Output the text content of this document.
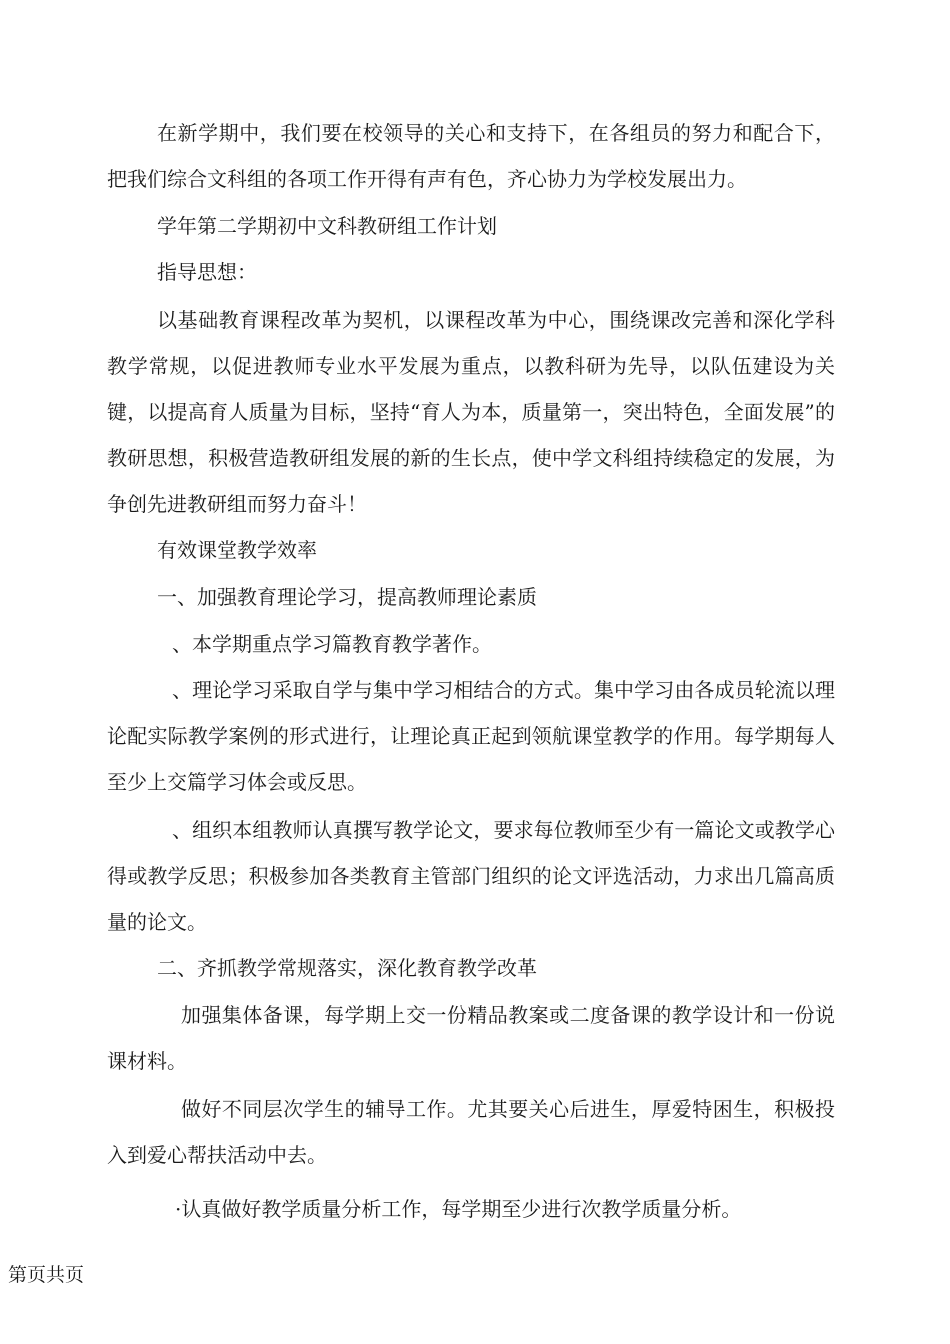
在新学期中，我们要在校领导的关心和支持下，在各组员的努力和配合下，把我们综合文科组的各项工作开得有声有色，齐心协力为学校发展出力。

学年第二学期初中文科教研组工作计划

指导思想：

以基础教育课程改革为契机，以课程改革为中心，围绕课改完善和深化学科教学常规，以促进教师专业水平发展为重点，以教科研为先导，以队伍建设为关键，以提高育人质量为目标，坚持“育人为本，质量第一，突出特色，全面发展”的教研思想，积极营造教研组发展的新的生长点，使中学文科组持续稳定的发展，为争创先进教研组而努力奋斗！

有效课堂教学效率

一、加强教育理论学习，提高教师理论素质

、本学期重点学习篇教育教学著作。

、理论学习采取自学与集中学习相结合的方式。集中学习由各成员轮流以理论配实际教学案例的形式进行，让理论真正起到领航课堂教学的作用。每学期每人至少上交篇学习体会或反思。

、组织本组教师认真撰写教学论文，要求每位教师至少有一篇论文或教学心得或教学反思；积极参加各类教育主管部门组织的论文评选活动，力求出几篇高质量的论文。

二、齐抓教学常规落实，深化教育教学改革

加强集体备课，每学期上交一份精品教案或二度备课的教学设计和一份说课材料。

做好不同层次学生的辅导工作。尤其要关心后进生，厚爱特困生，积极投入到爱心帮扶活动中去。

·认真做好教学质量分析工作，每学期至少进行次教学质量分析。

第页共页
